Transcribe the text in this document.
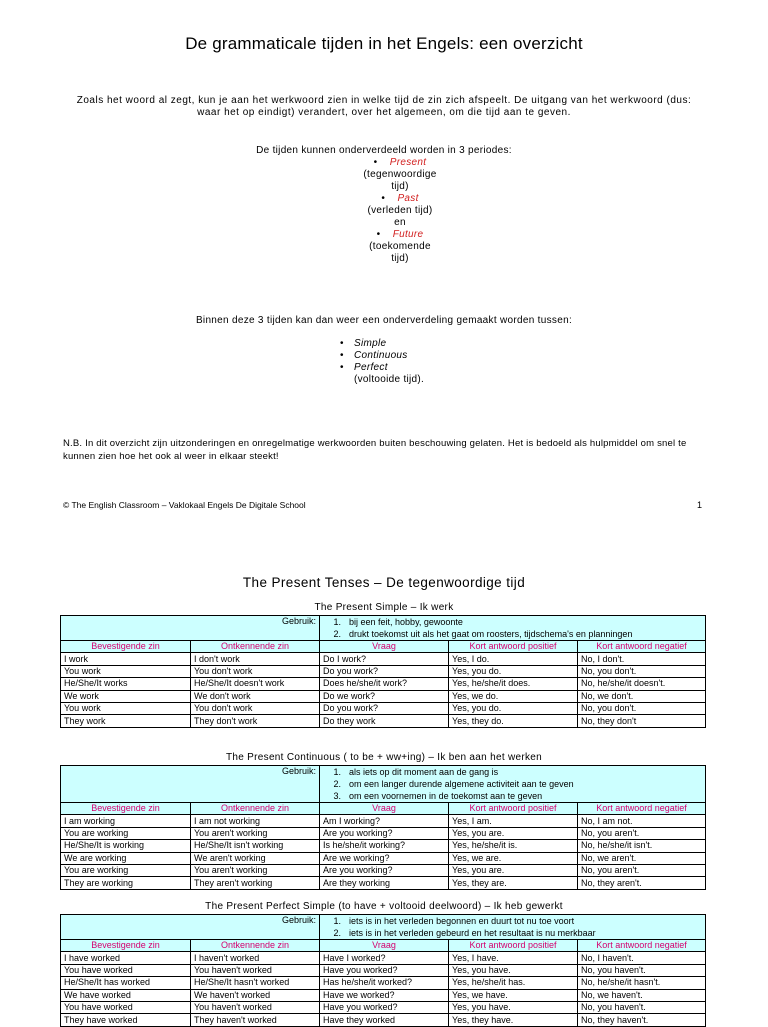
De grammaticale tijden in het Engels: een overzicht
Zoals het woord al zegt, kun je aan het werkwoord zien in welke tijd de zin zich afspeelt. De uitgang van het werkwoord (dus: waar het op eindigt) verandert, over het algemeen, om die tijd aan te geven.
De tijden kunnen onderverdeeld worden in 3 periodes:
•    Present
(tegenwoordige
tijd)
•    Past
(verleden tijd)
en
•    Future
(toekomende
tijd)
Binnen deze 3 tijden kan dan weer een onderverdeling gemaakt worden tussen:
• Simple
• Continuous
• Perfect
(voltooide tijd).
N.B. In dit overzicht zijn uitzonderingen en onregelmatige werkwoorden buiten beschouwing gelaten. Het is bedoeld als hulpmiddel om snel te kunnen zien hoe het ook al weer in elkaar steekt!
© The English Classroom – Vaklokaal Engels De Digitale School	1
The Present Tenses – De tegenwoordige tijd
The Present Simple – Ik werk
Gebruik:		1. bij een feit, hobby, gewoonte
2. drukt toekomst uit als het gaat om roosters, tijdschema's en planningen		

Bevestigende zin	Ontkennende zin	Vraag	Kort antwoord positief	Kort antwoord negatief
I work	I don't work	Do I work?	Yes, I do.	No, I don't.
You work	You don't work	Do you work?	Yes, you do.	No, you don't.
He/She/It works	He/She/It doesn't work	Does he/she/it work?	Yes, he/she/it does.	No, he/she/it doesn't.
We work	We don't work	Do we work?	Yes, we do.	No, we don't.
You work	You don't work	Do you work?	Yes, you do.	No, you don't.
They work	They don't work	Do they work	Yes, they do.	No, they don't
The Present Continuous ( to be + ww+ing) – Ik ben aan het werken
Gebruik:		1. als iets op dit moment aan de gang is
2. om een langer durende algemene activiteit aan te geven
3. om een voornemen in de toekomst aan te geven		

Bevestigende zin	Ontkennende zin	Vraag	Kort antwoord positief	Kort antwoord negatief
I am working	I am not working	Am I working?	Yes, I am.	No, I am not.
You are working	You aren't working	Are you working?	Yes, you are.	No, you aren't.
He/She/It is working	He/She/It isn't working	Is he/she/it working?	Yes, he/she/it is.	No, he/she/it isn't.
We are working	We aren't working	Are we working?	Yes, we are.	No, we aren't.
You are working	You aren't working	Are you working?	Yes, you are.	No, you aren't.
They are working	They aren't working	Are they working	Yes, they are.	No, they aren't.
The Present Perfect Simple (to have + voltooid deelwoord) – Ik heb gewerkt
Gebruik:		1. iets is in het verleden begonnen en duurt tot nu toe voort
2. iets is in het verleden gebeurd en het resultaat is nu merkbaar		

Bevestigende zin	Ontkennende zin	Vraag	Kort antwoord positief	Kort antwoord negatief
I have worked	I haven't worked	Have I worked?	Yes, I have.	No, I haven't.
You have worked	You haven't worked	Have you worked?	Yes, you have.	No, you haven't.
He/She/It has worked	He/She/It hasn't worked	Has he/she/it worked?	Yes, he/she/it has.	No, he/she/it hasn't.
We have worked	We haven't worked	Have we worked?	Yes, we have.	No, we haven't.
You have worked	You haven't worked	Have you worked?	Yes, you have.	No, you haven't.
They have worked	They haven't worked	Have they worked	Yes, they have.	No, they haven't.
